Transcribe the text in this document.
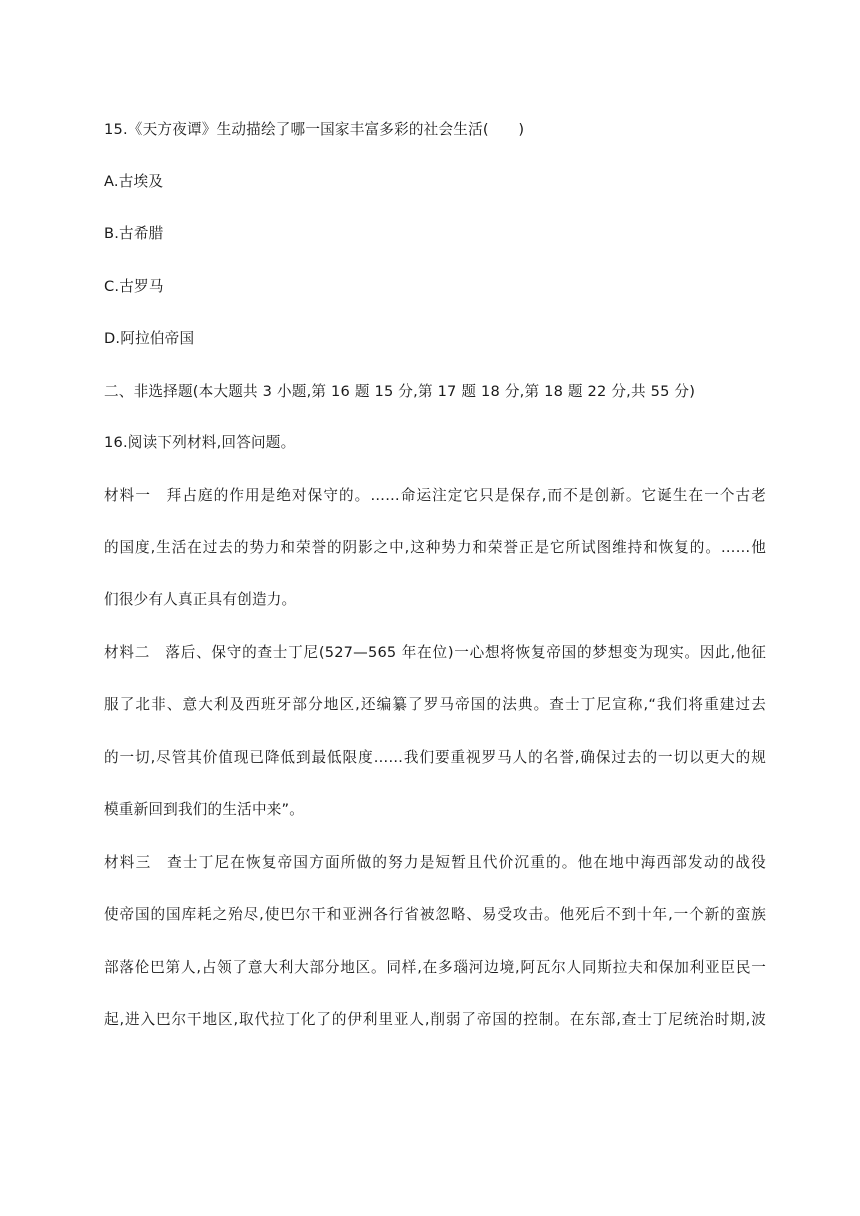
15.《天方夜谭》生动描绘了哪一国家丰富多彩的社会生活(　　)
A.古埃及
B.古希腊
C.古罗马
D.阿拉伯帝国
二、非选择题(本大题共 3 小题,第 16 题 15 分,第 17 题 18 分,第 18 题 22 分,共 55 分)
16.阅读下列材料,回答问题。
材料一　拜占庭的作用是绝对保守的。……命运注定它只是保存,而不是创新。它诞生在一个古老
的国度,生活在过去的势力和荣誉的阴影之中,这种势力和荣誉正是它所试图维持和恢复的。……他
们很少有人真正具有创造力。
材料二　落后、保守的查士丁尼(527—565 年在位)一心想将恢复帝国的梦想变为现实。因此,他征
服了北非、意大利及西班牙部分地区,还编纂了罗马帝国的法典。查士丁尼宣称,“我们将重建过去
的一切,尽管其价值现已降低到最低限度……我们要重视罗马人的名誉,确保过去的一切以更大的规
模重新回到我们的生活中来”。
材料三　查士丁尼在恢复帝国方面所做的努力是短暂且代价沉重的。他在地中海西部发动的战役
使帝国的国库耗之殆尽,使巴尔干和亚洲各行省被忽略、易受攻击。他死后不到十年,一个新的蛮族
部落伦巴第人,占领了意大利大部分地区。同样,在多瑙河边境,阿瓦尔人同斯拉夫和保加利亚臣民一
起,进入巴尔干地区,取代拉丁化了的伊利里亚人,削弱了帝国的控制。在东部,查士丁尼统治时期,波
